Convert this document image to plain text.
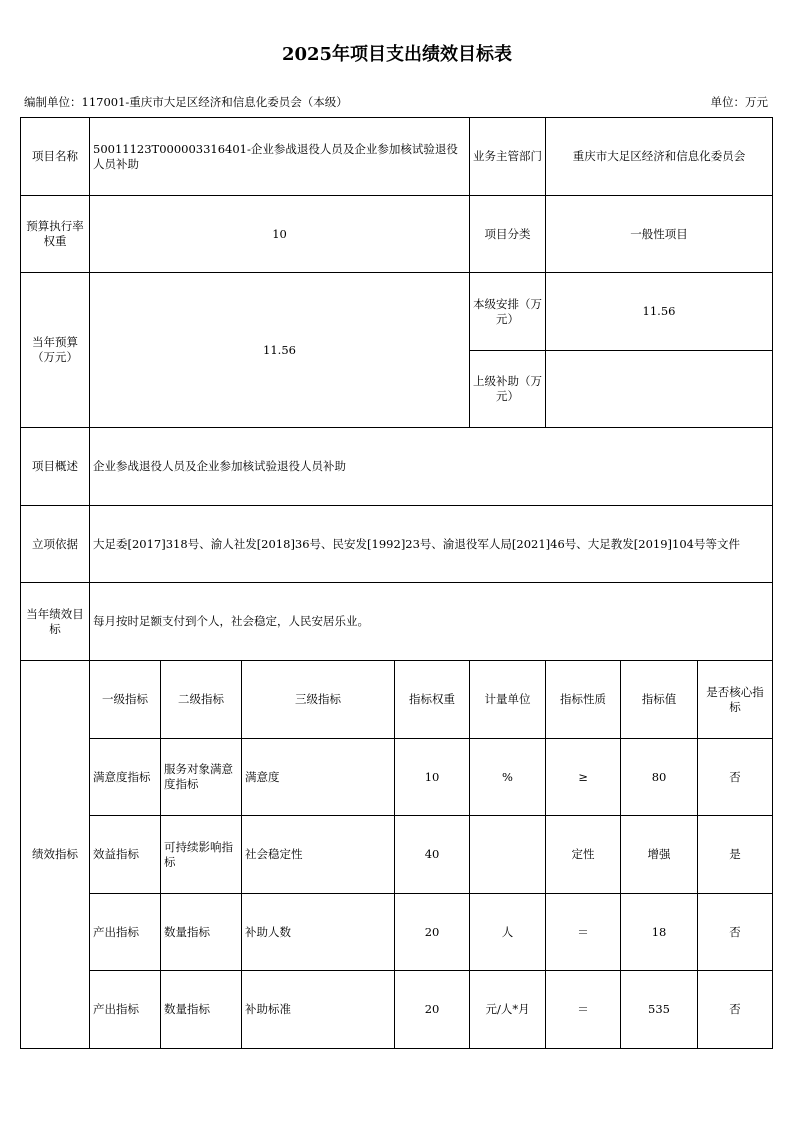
2025年项目支出绩效目标表
编制单位：117001-重庆市大足区经济和信息化委员会（本级）	单位：万元
项目名称	50011123T000003316401-企业参战退役人员及企业参加核试验退役人员补助				业务主管部门	重庆市大足区经济和信息化委员会		
预算执行率权重	10				项目分类	一般性项目		
当年预算（万元）	11.56				本级安排（万元）	11.56		
					上级补助（万元）			
项目概述	企业参战退役人员及企业参加核试验退役人员补助							
立项依据	大足委[2017]318号、渝人社发[2018]36号、民安发[1992]23号、渝退役军人局[2021]46号、大足教发[2019]104号等文件							
当年绩效目标	每月按时足额支付到个人，社会稳定，人民安居乐业。							
绩效指标	一级指标	二级指标	三级指标	指标权重	计量单位	指标性质	指标值	是否核心指标
	满意度指标	服务对象满意度指标	满意度	10	%	≥	80	否
	效益指标	可持续影响指标	社会稳定性	40		定性	增强	是
	产出指标	数量指标	补助人数	20	人	＝	18	否
	产出指标	数量指标	补助标准	20	元/人*月	＝	535	否
